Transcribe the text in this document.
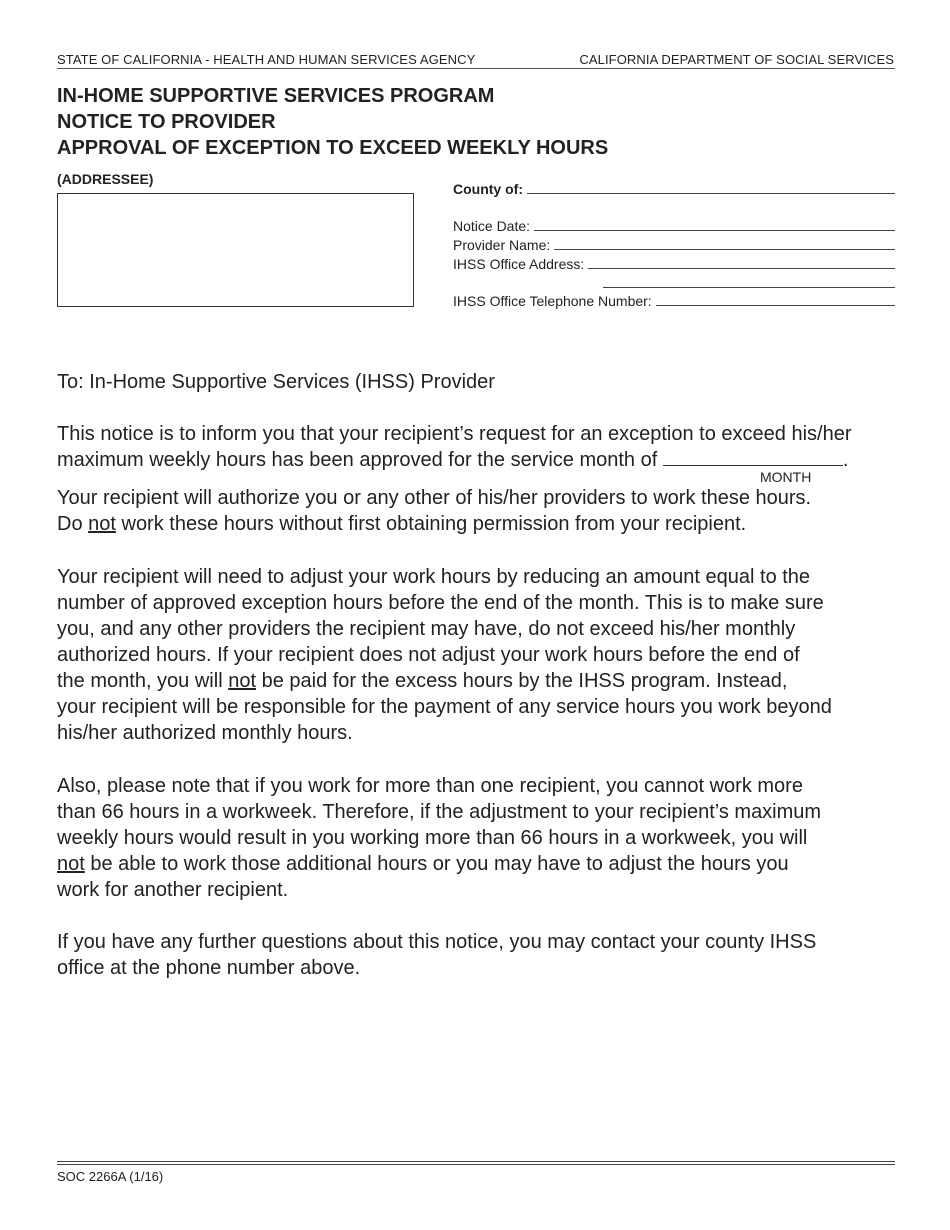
STATE OF CALIFORNIA - HEALTH AND HUMAN SERVICES AGENCY	CALIFORNIA DEPARTMENT OF SOCIAL SERVICES
IN-HOME SUPPORTIVE SERVICES PROGRAM
NOTICE TO PROVIDER
APPROVAL OF EXCEPTION TO EXCEED WEEKLY HOURS
(ADDRESSEE)
County of:
Notice Date:
Provider Name:
IHSS Office Address:
IHSS Office Telephone Number:
To: In-Home Supportive Services (IHSS) Provider
This notice is to inform you that your recipient’s request for an exception to exceed his/her
maximum weekly hours has been approved for the service month of	.
MONTH
Your recipient will authorize you or any other of his/her providers to work these hours.
Do not work these hours without first obtaining permission from your recipient.
Your recipient will need to adjust your work hours by reducing an amount equal to the
number of approved exception hours before the end of the month. This is to make sure
you, and any other providers the recipient may have, do not exceed his/her monthly
authorized hours. If your recipient does not adjust your work hours before the end of
the month, you will not be paid for the excess hours by the IHSS program. Instead,
your recipient will be responsible for the payment of any service hours you work beyond
his/her authorized monthly hours.
Also, please note that if you work for more than one recipient, you cannot work more
than 66 hours in a workweek. Therefore, if the adjustment to your recipient’s maximum
weekly hours would result in you working more than 66 hours in a workweek, you will
not be able to work those additional hours or you may have to adjust the hours you
work for another recipient.
If you have any further questions about this notice, you may contact your county IHSS
office at the phone number above.
SOC 2266A (1/16)
